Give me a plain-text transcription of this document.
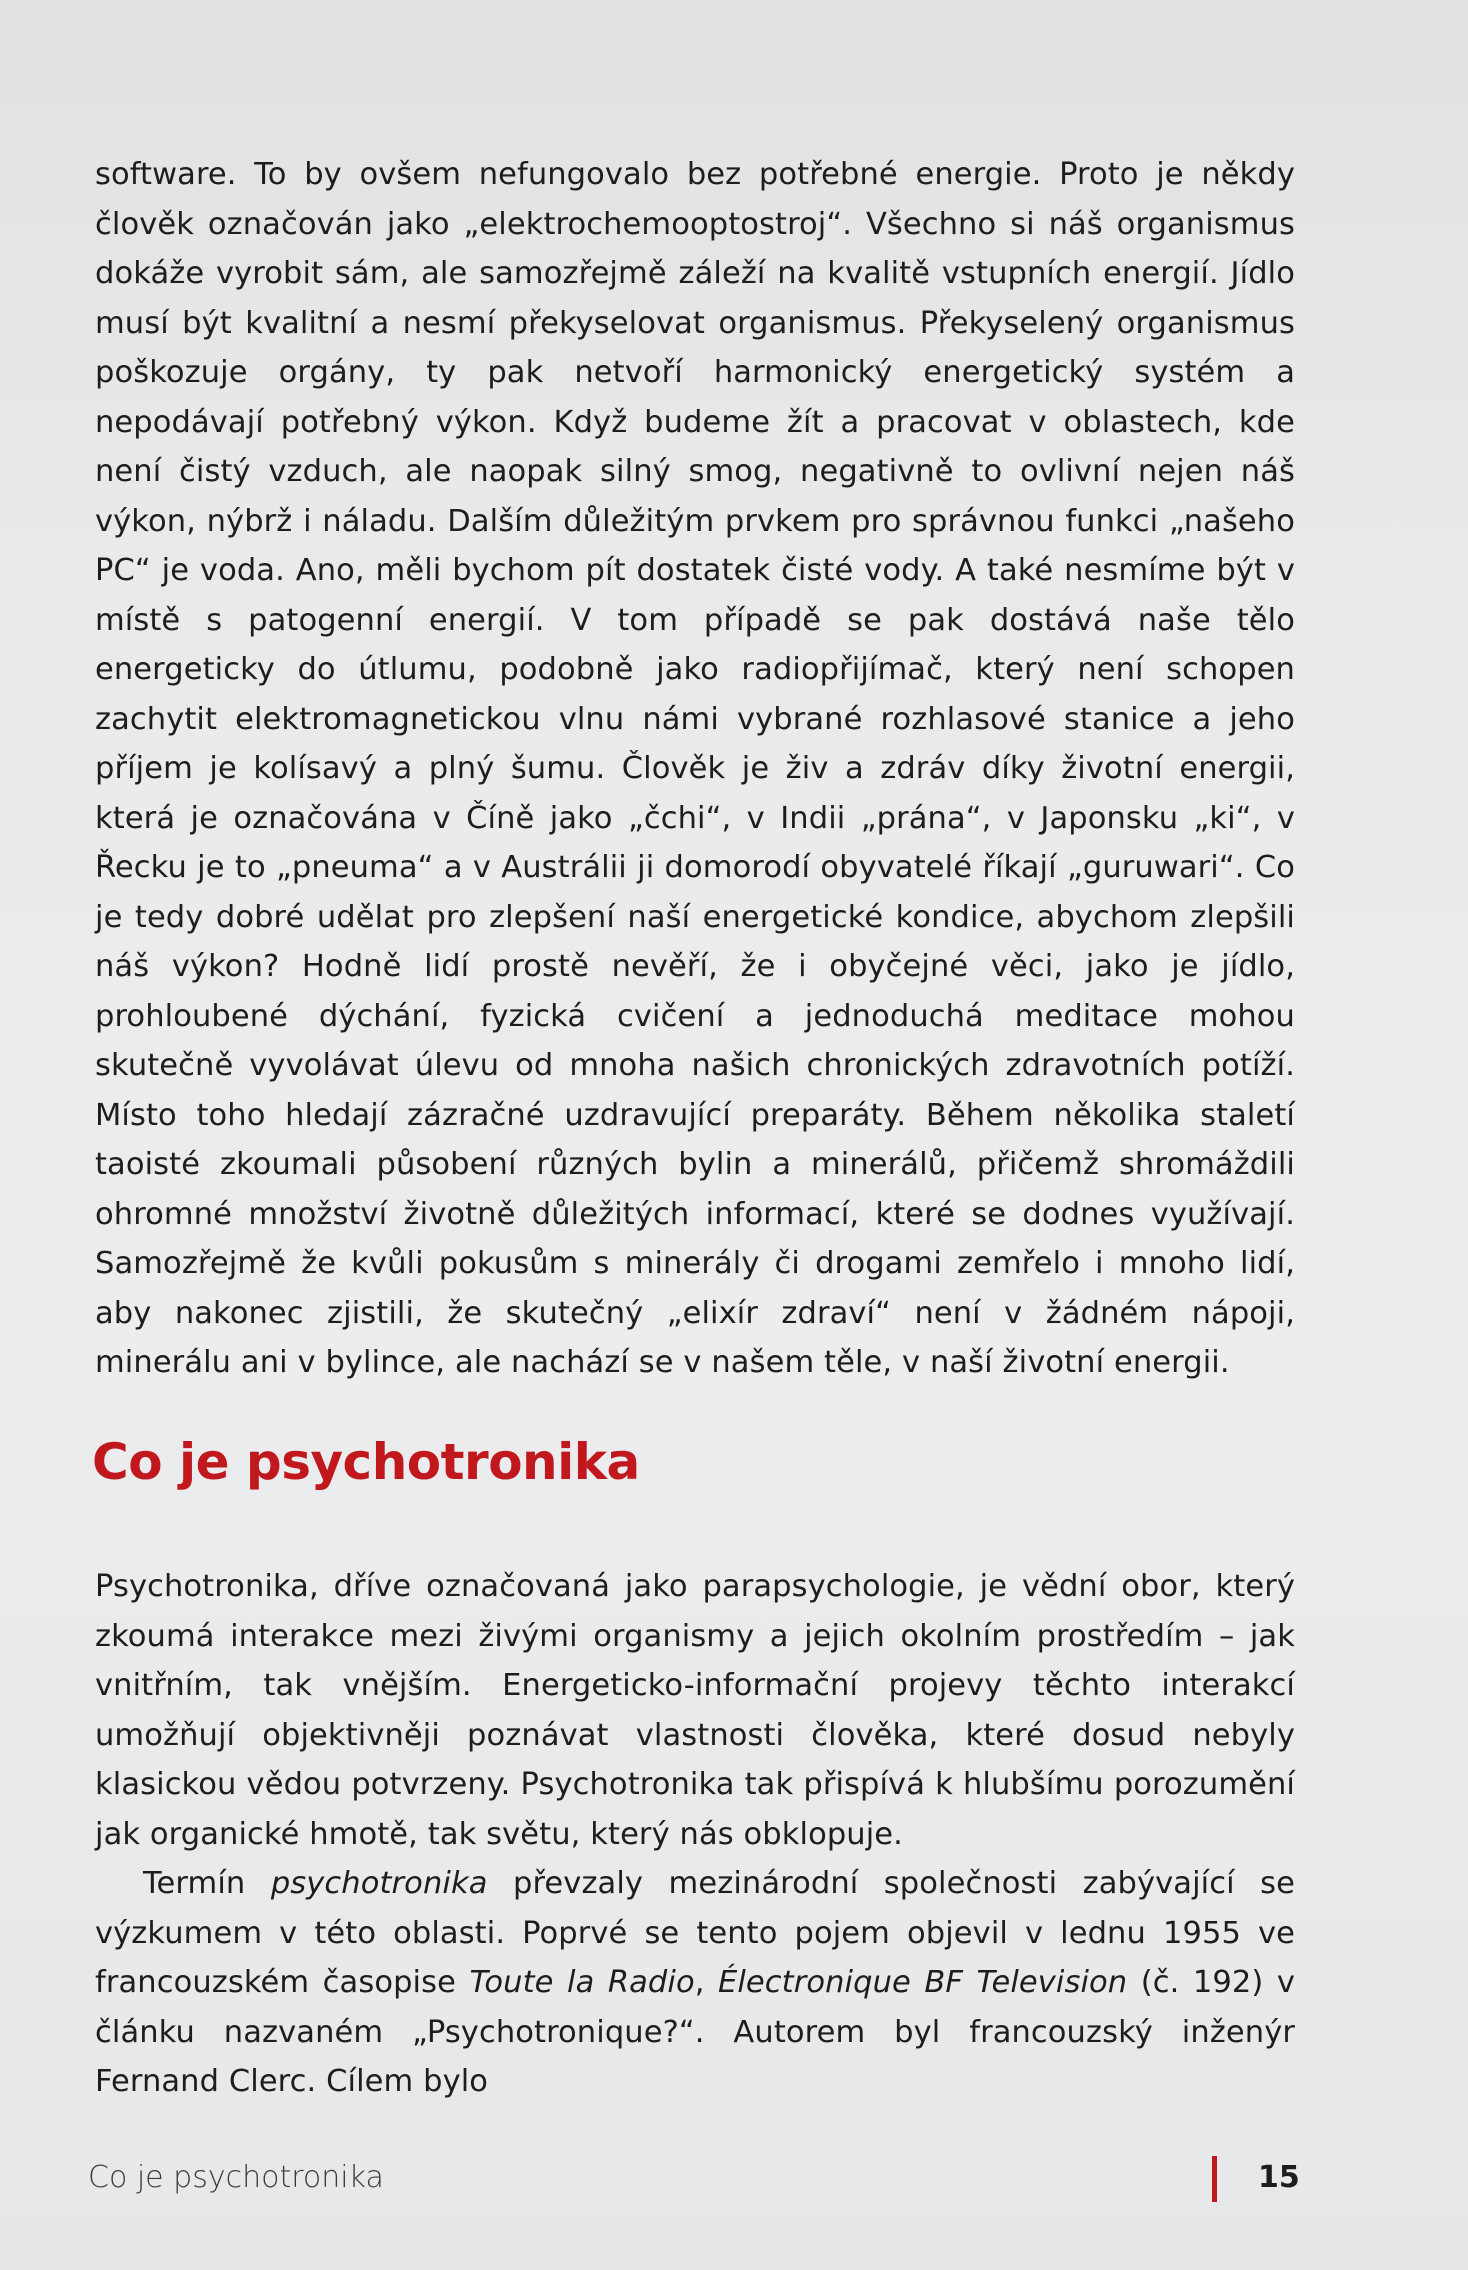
software. To by ovšem nefungovalo bez potřebné energie. Proto je někdy člověk označován jako „elektrochemooptostroj“. Všechno si náš organismus dokáže vyrobit sám, ale samozřejmě záleží na kvalitě vstupních energií. Jídlo musí být kvalitní a nesmí překyselovat organismus. Překyselený organismus poškozuje orgány, ty pak netvoří harmonický energetický systém a nepodávají potřebný výkon. Když budeme žít a pracovat v oblastech, kde není čistý vzduch, ale naopak silný smog, negativně to ovlivní nejen náš výkon, nýbrž i náladu. Dalším důležitým prvkem pro správnou funkci „našeho PC“ je voda. Ano, měli bychom pít dostatek čisté vody. A také nesmíme být v místě s patogenní energií. V tom případě se pak dostává naše tělo energeticky do útlumu, podobně jako radiopřijímač, který není schopen zachytit elektromagnetickou vlnu námi vybrané rozhlasové stanice a jeho příjem je kolísavý a plný šumu. Člověk je živ a zdráv díky životní energii, která je označována v Číně jako „čchi“, v Indii „prána“, v Japonsku „ki“, v Řecku je to „pneuma“ a v Austrálii ji domorodí obyvatelé říkají „guruwari“. Co je tedy dobré udělat pro zlepšení naší energetické kondice, abychom zlepšili náš výkon? Hodně lidí prostě nevěří, že i obyčejné věci, jako je jídlo, prohloubené dýchání, fyzická cvičení a jednoduchá meditace mohou skutečně vyvolávat úlevu od mnoha našich chronických zdravotních potíží. Místo toho hledají zázračné uzdravující preparáty. Během několika staletí taoisté zkoumali působení různých bylin a minerálů, přičemž shromáždili ohromné množství životně důležitých informací, které se dodnes využívají. Samozřejmě že kvůli pokusům s minerály či drogami zemřelo i mnoho lidí, aby nakonec zjistili, že skutečný „elixír zdraví“ není v žádném nápoji, minerálu ani v bylince, ale nachází se v našem těle, v naší životní energii.

Co je psychotronika

Psychotronika, dříve označovaná jako parapsychologie, je vědní obor, který zkoumá interakce mezi živými organismy a jejich okolním prostředím – jak vnitřním, tak vnějším. Energeticko-informační projevy těchto interakcí umožňují objektivněji poznávat vlastnosti člověka, které dosud nebyly klasickou vědou potvrzeny. Psychotronika tak přispívá k hlubšímu porozumění jak organické hmotě, tak světu, který nás obklopuje.

Termín psychotronika převzaly mezinárodní společnosti zabývající se výzkumem v této oblasti. Poprvé se tento pojem objevil v lednu 1955 ve francouzském časopise Toute la Radio, Électronique BF Television (č. 192) v článku nazvaném „Psychotronique?“. Autorem byl francouzský inženýr Fernand Clerc. Cílem bylo

Co je psychotronika	15
